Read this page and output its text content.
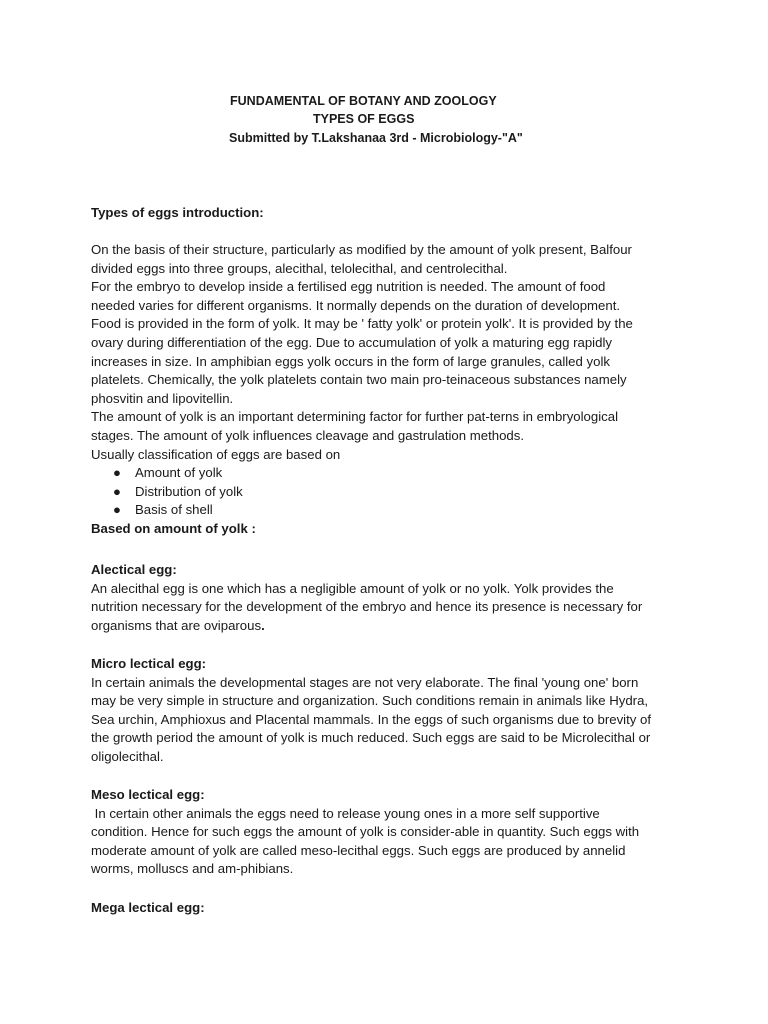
FUNDAMENTAL OF BOTANY AND ZOOLOGY
TYPES OF EGGS
Submitted by T.Lakshanaa 3rd - Microbiology-"A"
Types of eggs introduction:
On the basis of their structure, particularly as modified by the amount of yolk present, Balfour
divided eggs into three groups, alecithal, telolecithal, and centrolecithal.
For the embryo to develop inside a fertilised egg nutrition is needed. The amount of food
needed varies for different organisms. It normally depends on the duration of development.
Food is provided in the form of yolk. It may be ' fatty yolk' or protein yolk'. It is provided by the
ovary during differentiation of the egg. Due to accumulation of yolk a maturing egg rapidly
increases in size. In amphibian eggs yolk occurs in the form of large granules, called yolk
platelets. Chemically, the yolk platelets contain two main pro-teinaceous substances namely
phosvitin and lipovitellin.
The amount of yolk is an important determining factor for further pat-terns in embryological
stages. The amount of yolk influences cleavage and gastrulation methods.
Usually classification of eggs are based on
● Amount of yolk
● Distribution of yolk
● Basis of shell
Based on amount of yolk :
Alectical egg:
An alecithal egg is one which has a negligible amount of yolk or no yolk. Yolk provides the
nutrition necessary for the development of the embryo and hence its presence is necessary for
organisms that are oviparous.
Micro lectical egg:
In certain animals the developmental stages are not very elaborate. The final 'young one' born
may be very simple in structure and organization. Such conditions remain in animals like Hydra,
Sea urchin, Amphioxus and Placental mammals. In the eggs of such organisms due to brevity of
the growth period the amount of yolk is much reduced. Such eggs are said to be Microlecithal or
oligolecithal.
Meso lectical egg:
In certain other animals the eggs need to release young ones in a more self supportive
condition. Hence for such eggs the amount of yolk is consider-able in quantity. Such eggs with
moderate amount of yolk are called meso-lecithal eggs. Such eggs are produced by annelid
worms, molluscs and am-phibians.
Mega lectical egg:
